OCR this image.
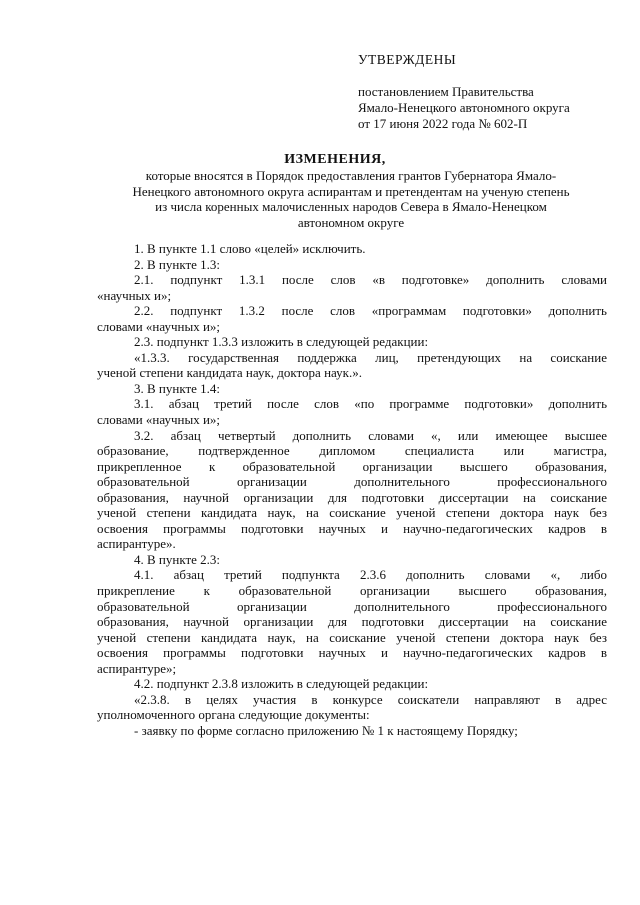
УТВЕРЖДЕНЫ
постановлением Правительства
Ямало-Ненецкого автономного округа
от 17 июня 2022 года № 602-П
ИЗМЕНЕНИЯ,
которые вносятся в Порядок предоставления грантов Губернатора Ямало-
Ненецкого автономного округа аспирантам и претендентам на ученую степень
из числа коренных малочисленных народов Севера в Ямало-Ненецком
автономном округе
1. В пункте 1.1 слово «целей» исключить.
2. В пункте 1.3:
2.1. подпункт 1.3.1 после слов «в подготовке» дополнить словами
«научных и»;
2.2. подпункт 1.3.2 после слов «программам подготовки» дополнить
словами «научных и»;
2.3. подпункт 1.3.3 изложить в следующей редакции:
«1.3.3. государственная поддержка лиц, претендующих на соискание
ученой степени кандидата наук, доктора наук.».
3. В пункте 1.4:
3.1. абзац третий после слов «по программе подготовки» дополнить
словами «научных и»;
3.2. абзац четвертый дополнить словами «, или имеющее высшее
образование, подтвержденное дипломом специалиста или магистра,
прикрепленное к образовательной организации высшего образования,
образовательной организации дополнительного профессионального
образования, научной организации для подготовки диссертации на соискание
ученой степени кандидата наук, на соискание ученой степени доктора наук без
освоения программы подготовки научных и научно-педагогических кадров в
аспирантуре».
4. В пункте 2.3:
4.1. абзац третий подпункта 2.3.6 дополнить словами «, либо
прикрепление к образовательной организации высшего образования,
образовательной организации дополнительного профессионального
образования, научной организации для подготовки диссертации на соискание
ученой степени кандидата наук, на соискание ученой степени доктора наук без
освоения программы подготовки научных и научно-педагогических кадров в
аспирантуре»;
4.2. подпункт 2.3.8 изложить в следующей редакции:
«2.3.8. в целях участия в конкурсе соискатели направляют в адрес
уполномоченного органа следующие документы:
- заявку по форме согласно приложению № 1 к настоящему Порядку;
